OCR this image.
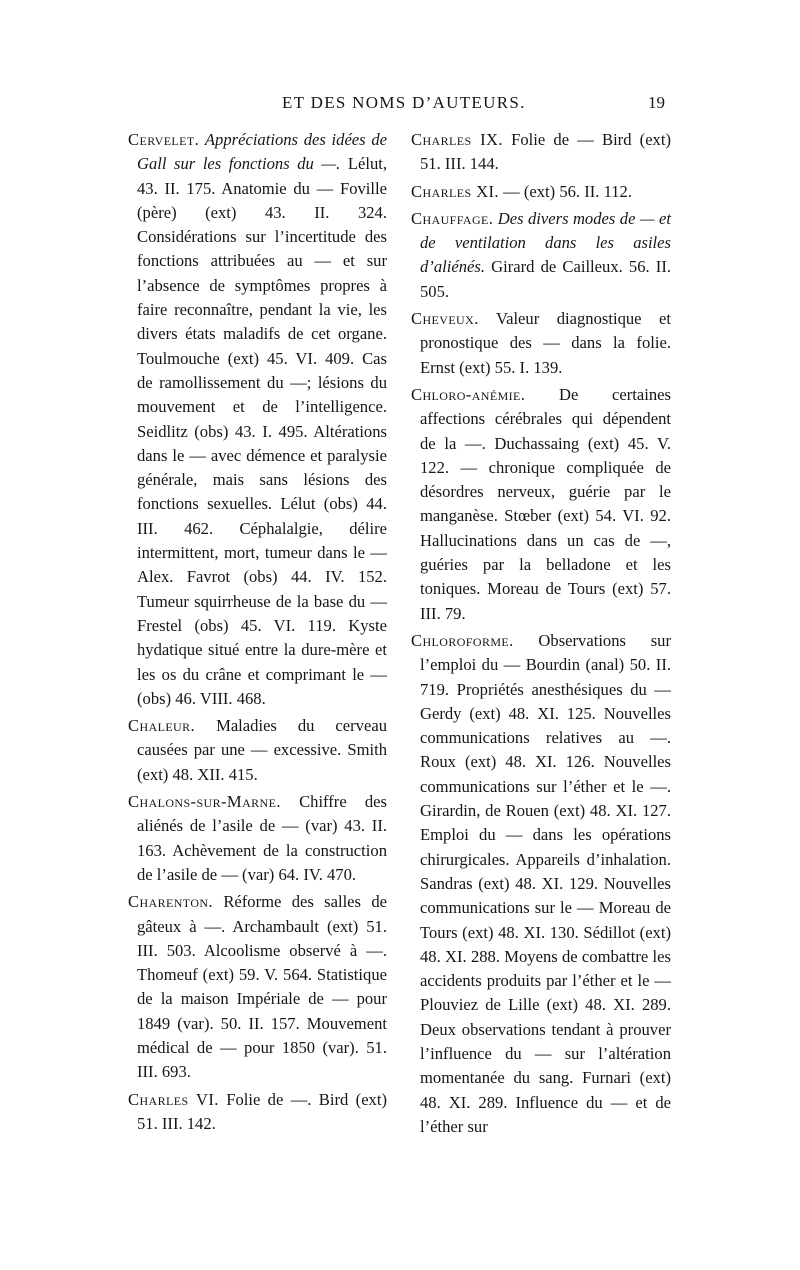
ET DES NOMS D’AUTEURS.	19

Cervelet. Appréciations des idées de Gall sur les fonctions du —. Lélut, 43. II. 175. Anatomie du — Foville (père) (ext) 43. II. 324. Considérations sur l’incertitude des fonctions attribuées au — et sur l’absence de symptômes propres à faire reconnaître, pendant la vie, les divers états maladifs de cet organe. Toulmouche (ext) 45. VI. 409. Cas de ramollissement du —; lésions du mouvement et de l’intelligence. Seidlitz (obs) 43. I. 495. Altérations dans le — avec démence et paralysie générale, mais sans lésions des fonctions sexuelles. Lélut (obs) 44. III. 462. Céphalalgie, délire intermittent, mort, tumeur dans le — Alex. Favrot (obs) 44. IV. 152. Tumeur squirrheuse de la base du — Frestel (obs) 45. VI. 119. Kyste hydatique situé entre la dure-mère et les os du crâne et comprimant le — (obs) 46. VIII. 468.

Chaleur. Maladies du cerveau causées par une — excessive. Smith (ext) 48. XII. 415.

Chalons-sur-Marne. Chiffre des aliénés de l’asile de — (var) 43. II. 163. Achèvement de la construction de l’asile de — (var) 64. IV. 470.

Charenton. Réforme des salles de gâteux à —. Archambault (ext) 51. III. 503. Alcoolisme observé à —. Thomeuf (ext) 59. V. 564. Statistique de la maison Impériale de — pour 1849 (var). 50. II. 157. Mouvement médical de — pour 1850 (var). 51. III. 693.

Charles VI. Folie de —. Bird (ext) 51. III. 142.

Charles IX. Folie de — Bird (ext) 51. III. 144.

Charles XI. — (ext) 56. II. 112.

Chauffage. Des divers modes de — et de ventilation dans les asiles d’aliénés. Girard de Cailleux. 56. II. 505.

Cheveux. Valeur diagnostique et pronostique des — dans la folie. Ernst (ext) 55. I. 139.

Chloro-anémie. De certaines affections cérébrales qui dépendent de la —. Duchassaing (ext) 45. V. 122. — chronique compliquée de désordres nerveux, guérie par le manganèse. Stœber (ext) 54. VI. 92. Hallucinations dans un cas de —, guéries par la belladone et les toniques. Moreau de Tours (ext) 57. III. 79.

Chloroforme. Observations sur l’emploi du — Bourdin (anal) 50. II. 719. Propriétés anesthésiques du — Gerdy (ext) 48. XI. 125. Nouvelles communications relatives au —. Roux (ext) 48. XI. 126. Nouvelles communications sur l’éther et le —. Girardin, de Rouen (ext) 48. XI. 127. Emploi du — dans les opérations chirurgicales. Appareils d’inhalation. Sandras (ext) 48. XI. 129. Nouvelles communications sur le — Moreau de Tours (ext) 48. XI. 130. Sédillot (ext) 48. XI. 288. Moyens de combattre les accidents produits par l’éther et le — Plouviez de Lille (ext) 48. XI. 289. Deux observations tendant à prouver l’influence du — sur l’altération momentanée du sang. Furnari (ext) 48. XI. 289. Influence du — et de l’éther sur
